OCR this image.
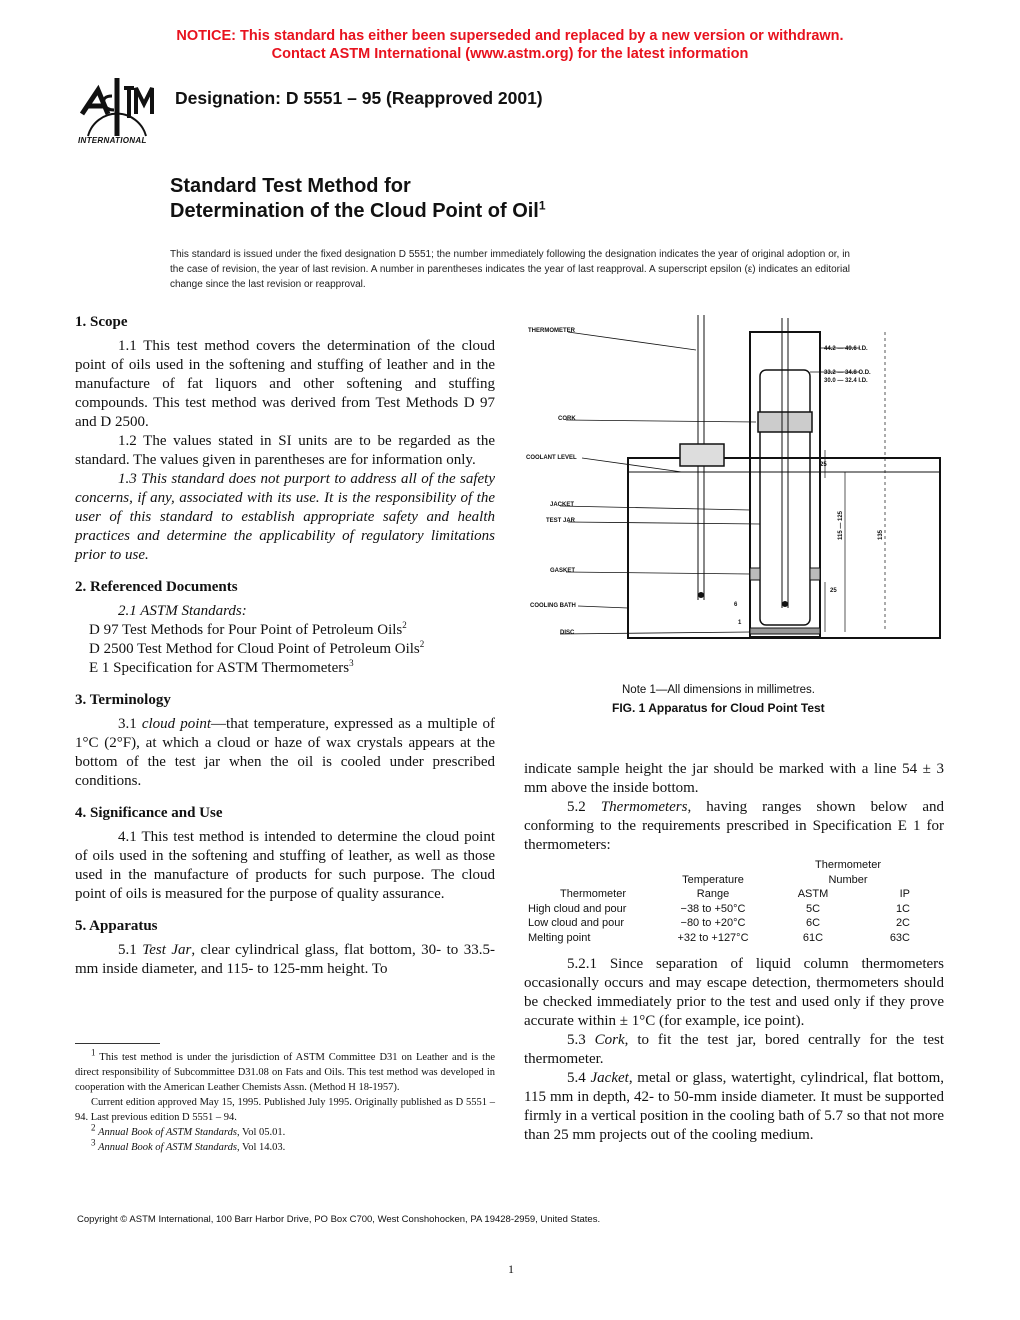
NOTICE: This standard has either been superseded and replaced by a new version or withdrawn.
Contact ASTM International (www.astm.org) for the latest information
INTERNATIONAL
Designation: D 5551 – 95 (Reapproved 2001)
Standard Test Method for
Determination of the Cloud Point of Oil$^1$
This standard is issued under the fixed designation D 5551; the number immediately following the designation indicates the year of original adoption or, in the case of revision, the year of last revision. A number in parentheses indicates the year of last reapproval. A superscript epsilon (ε) indicates an editorial change since the last revision or reapproval.
1. Scope

1.1 This test method covers the determination of the cloud point of oils used in the softening and stuffing of leather and in the manufacture of fat liquors and other softening and stuffing compounds. This test method was derived from Test Methods D 97 and D 2500.

1.2 The values stated in SI units are to be regarded as the standard. The values given in parentheses are for information only.

1.3 This standard does not purport to address all of the safety concerns, if any, associated with its use. It is the responsibility of the user of this standard to establish appropriate safety and health practices and determine the applicability of regulatory limitations prior to use.

2. Referenced Documents

2.1 ASTM Standards:

D 97 Test Methods for Pour Point of Petroleum Oils$^2$

D 2500 Test Method for Cloud Point of Petroleum Oils$^2$

E 1 Specification for ASTM Thermometers$^3$

3. Terminology

3.1 cloud point—that temperature, expressed as a multiple of 1°C (2°F), at which a cloud or haze of wax crystals appears at the bottom of the test jar when the oil is cooled under prescribed conditions.

4. Significance and Use

4.1 This test method is intended to determine the cloud point of oils used in the softening and stuffing of leather, as well as those used in the manufacture of products for such purpose. The cloud point of oils is measured for the purpose of quality assurance.

5. Apparatus

5.1 Test Jar, clear cylindrical glass, flat bottom, 30- to 33.5-mm inside diameter, and 115- to 125-mm height. To

$^1$ This test method is under the jurisdiction of ASTM Committee D31 on Leather and is the direct responsibility of Subcommittee D31.08 on Fats and Oils. This test method was developed in cooperation with the American Leather Chemists Assn. (Method H 18-1957).

Current edition approved May 15, 1995. Published July 1995. Originally published as D 5551 – 94. Last previous edition D 5551 – 94.

$^2$ Annual Book of ASTM Standards, Vol 05.01.

$^3$ Annual Book of ASTM Standards, Vol 14.03.

THERMOMETER
CORK
COOLANT LEVEL
JACKET
TEST JAR
GASKET
COOLING BATH
DISC
44.2 — 49.6 I.D.
33.2 — 34.8 O.D.
30.0 — 32.4 I.D.
25
115 — 125	135
25
6
1
Note 1—All dimensions in millimetres.
FIG. 1 Apparatus for Cloud Point Test

indicate sample height the jar should be marked with a line 54 ± 3 mm above the inside bottom.

5.2 Thermometers, having ranges shown below and conforming to the requirements prescribed in Specification E 1 for thermometers:

		Thermometer	
	Temperature	Number	
Thermometer	Range	ASTM	IP
High cloud and pour	−38 to +50°C	5C	1C
Low cloud and pour	−80 to +20°C	6C	2C
Melting point	+32 to +127°C	61C	63C

5.2.1 Since separation of liquid column thermometers occasionally occurs and may escape detection, thermometers should be checked immediately prior to the test and used only if they prove accurate within ± 1°C (for example, ice point).

5.3 Cork, to fit the test jar, bored centrally for the test thermometer.

5.4 Jacket, metal or glass, watertight, cylindrical, flat bottom, 115 mm in depth, 42- to 50-mm inside diameter. It must be supported firmly in a vertical position in the cooling bath of 5.7 so that not more than 25 mm projects out of the cooling medium.

Copyright © ASTM International, 100 Barr Harbor Drive, PO Box C700, West Conshohocken, PA 19428-2959, United States.
1
